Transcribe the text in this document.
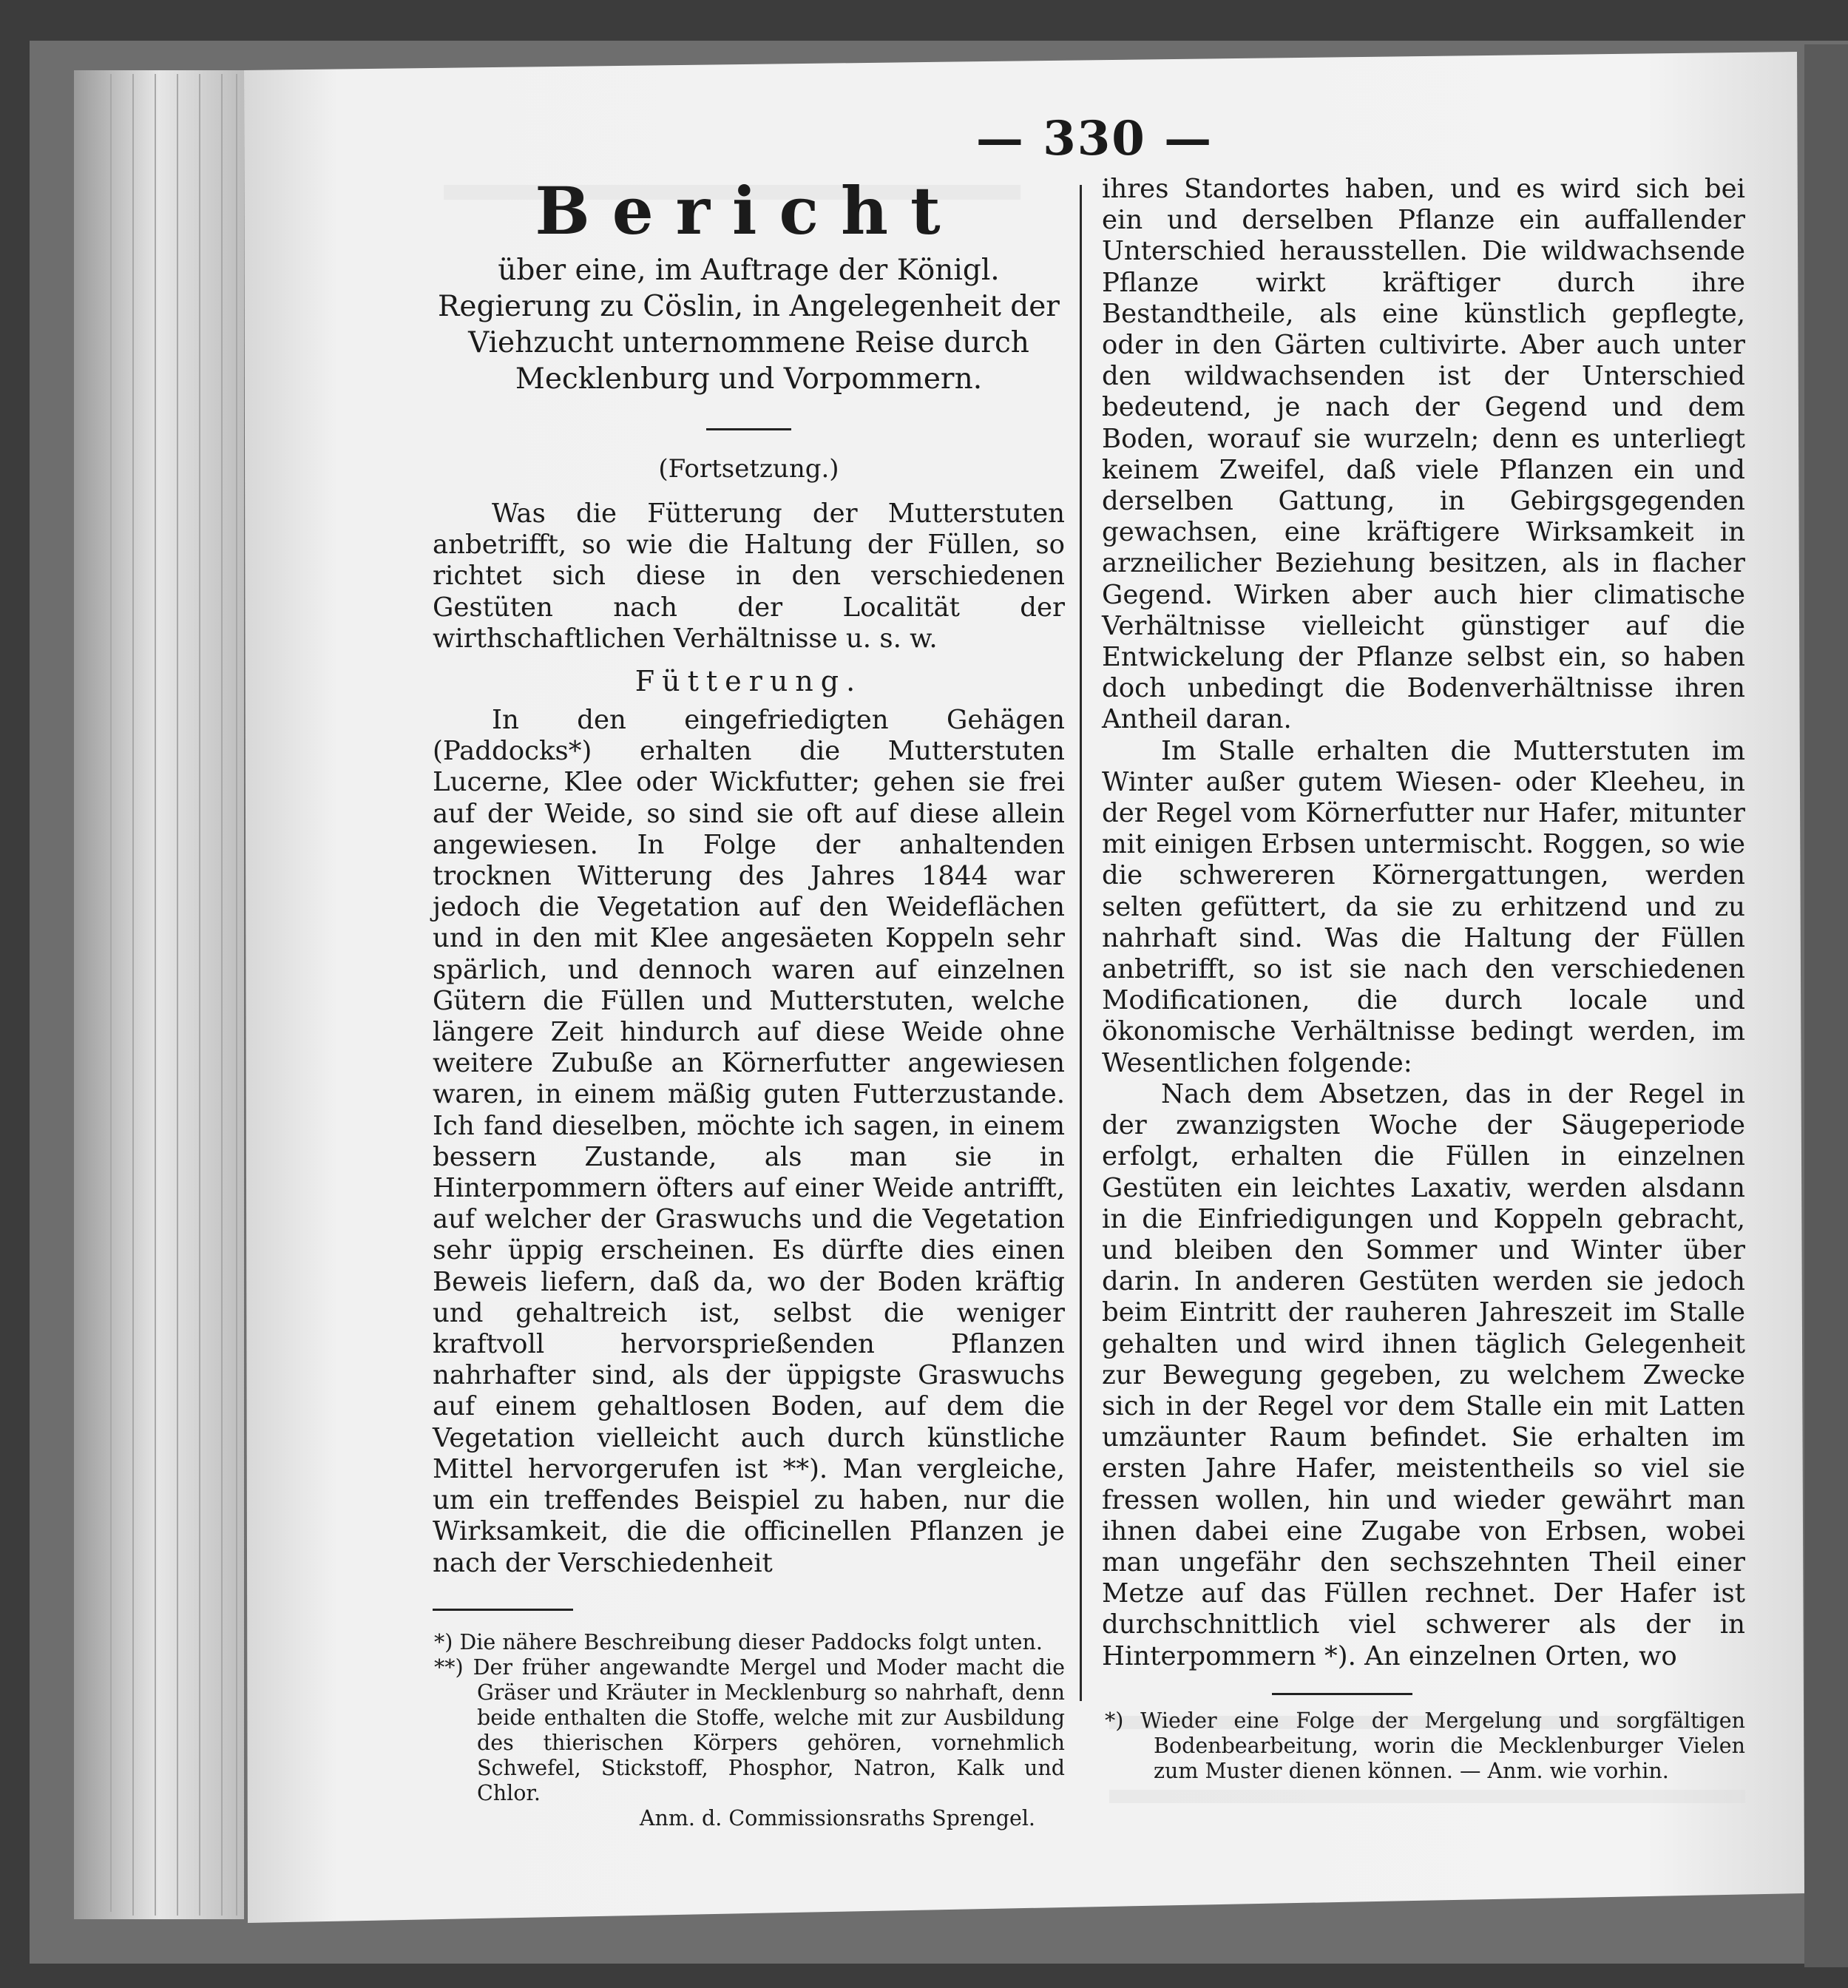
— 330 —
Bericht

über eine, im Auftrage der Königl. Regierung zu Cöslin, in Angelegenheit der Viehzucht unternommene Reise durch Mecklenburg und Vorpommern.

(Fortsetzung.)

Was die Fütterung der Mutterstuten anbetrifft, so wie die Haltung der Füllen, so richtet sich diese in den verschiedenen Gestüten nach der Localität der wirthschaftlichen Verhältnisse u. s. w.

Fütterung.

In den eingefriedigten Gehägen (Paddocks*) erhalten die Mutterstuten Lucerne, Klee oder Wickfutter; gehen sie frei auf der Weide, so sind sie oft auf diese allein angewiesen. In Folge der anhaltenden trocknen Witterung des Jahres 1844 war jedoch die Vegetation auf den Weideflächen und in den mit Klee angesäeten Koppeln sehr spärlich, und dennoch waren auf einzelnen Gütern die Füllen und Mutterstuten, welche längere Zeit hindurch auf diese Weide ohne weitere Zubuße an Körnerfutter angewiesen waren, in einem mäßig guten Futterzustande. Ich fand dieselben, möchte ich sagen, in einem bessern Zustande, als man sie in Hinterpommern öfters auf einer Weide antrifft, auf welcher der Graswuchs und die Vegetation sehr üppig erscheinen. Es dürfte dies einen Beweis liefern, daß da, wo der Boden kräftig und gehaltreich ist, selbst die weniger kraftvoll hervorsprießenden Pflanzen nahrhafter sind, als der üppigste Graswuchs auf einem gehaltlosen Boden, auf dem die Vegetation vielleicht auch durch künstliche Mittel hervorgerufen ist **). Man vergleiche, um ein treffendes Beispiel zu haben, nur die Wirksamkeit, die die officinellen Pflanzen je nach der Verschiedenheit

*) Die nähere Beschreibung dieser Paddocks folgt unten.

**) Der früher angewandte Mergel und Moder macht die Gräser und Kräuter in Mecklenburg so nahrhaft, denn beide enthalten die Stoffe, welche mit zur Ausbildung des thierischen Körpers gehören, vornehmlich Schwefel, Stickstoff, Phosphor, Natron, Kalk und Chlor.

Anm. d. Commissionsraths Sprengel.

ihres Standortes haben, und es wird sich bei ein und derselben Pflanze ein auffallender Unterschied herausstellen. Die wildwachsende Pflanze wirkt kräftiger durch ihre Bestandtheile, als eine künstlich gepflegte, oder in den Gärten cultivirte. Aber auch unter den wildwachsenden ist der Unterschied bedeutend, je nach der Gegend und dem Boden, worauf sie wurzeln; denn es unterliegt keinem Zweifel, daß viele Pflanzen ein und derselben Gattung, in Gebirgsgegenden gewachsen, eine kräftigere Wirksamkeit in arzneilicher Beziehung besitzen, als in flacher Gegend. Wirken aber auch hier climatische Verhältnisse vielleicht günstiger auf die Entwickelung der Pflanze selbst ein, so haben doch unbedingt die Bodenverhältnisse ihren Antheil daran.

Im Stalle erhalten die Mutterstuten im Winter außer gutem Wiesen- oder Kleeheu, in der Regel vom Körnerfutter nur Hafer, mitunter mit einigen Erbsen untermischt. Roggen, so wie die schwereren Körnergattungen, werden selten gefüttert, da sie zu erhitzend und zu nahrhaft sind. Was die Haltung der Füllen anbetrifft, so ist sie nach den verschiedenen Modificationen, die durch locale und ökonomische Verhältnisse bedingt werden, im Wesentlichen folgende:

Nach dem Absetzen, das in der Regel in der zwanzigsten Woche der Säugeperiode erfolgt, erhalten die Füllen in einzelnen Gestüten ein leichtes Laxativ, werden alsdann in die Einfriedigungen und Koppeln gebracht, und bleiben den Sommer und Winter über darin. In anderen Gestüten werden sie jedoch beim Eintritt der rauheren Jahreszeit im Stalle gehalten und wird ihnen täglich Gelegenheit zur Bewegung gegeben, zu welchem Zwecke sich in der Regel vor dem Stalle ein mit Latten umzäunter Raum befindet. Sie erhalten im ersten Jahre Hafer, meistentheils so viel sie fressen wollen, hin und wieder gewährt man ihnen dabei eine Zugabe von Erbsen, wobei man ungefähr den sechszehnten Theil einer Metze auf das Füllen rechnet. Der Hafer ist durchschnittlich viel schwerer als der in Hinterpommern *). An einzelnen Orten, wo

*) Wieder eine Folge der Mergelung und sorgfältigen Bodenbearbeitung, worin die Mecklenburger Vielen zum Muster dienen können. — Anm. wie vorhin.
